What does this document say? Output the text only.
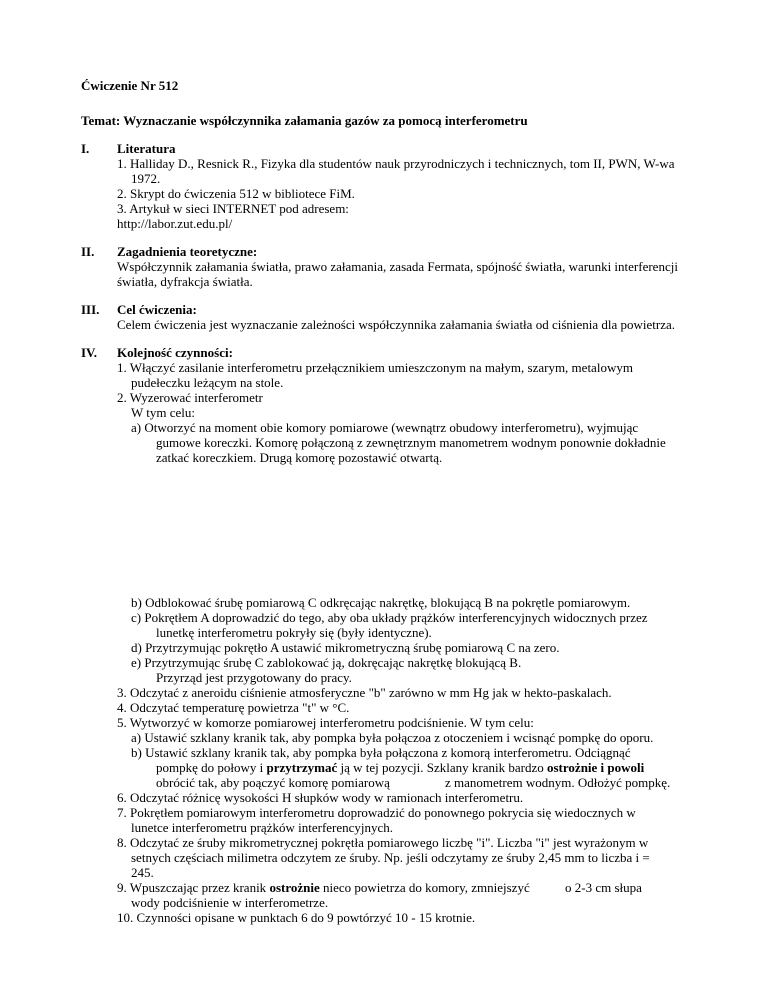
Ćwiczenie Nr 512
Temat: Wyznaczanie współczynnika załamania gazów za pomocą interferometru
I. Literatura
1. Halliday D., Resnick R., Fizyka dla studentów nauk przyrodniczych i technicznych, tom II, PWN, W-wa
1972.
2. Skrypt do ćwiczenia 512 w bibliotece FiM.
3. Artykuł w sieci INTERNET pod adresem:
http://labor.zut.edu.pl/
II. Zagadnienia teoretyczne:
Współczynnik załamania światła, prawo załamania, zasada Fermata, spójność światła, warunki interferencji
światła, dyfrakcja światła.
III. Cel ćwiczenia:
Celem ćwiczenia jest wyznaczanie zależności współczynnika załamania światła od ciśnienia dla powietrza.
IV. Kolejność czynności:
1. Włączyć zasilanie interferometru przełącznikiem umieszczonym na małym, szarym, metalowym
pudełeczku leżącym na stole.
2. Wyzerować interferometr
W tym celu:
a) Otworzyć na moment obie komory pomiarowe (wewnątrz obudowy interferometru), wyjmując
gumowe koreczki. Komorę połączoną z zewnętrznym manometrem wodnym ponownie dokładnie
zatkać koreczkiem. Drugą komorę pozostawić otwartą.
b) Odblokować śrubę pomiarową C odkręcając nakrętkę, blokującą B na pokrętle pomiarowym.
c) Pokrętłem A doprowadzić do tego, aby oba układy prążków interferencyjnych widocznych przez
lunetkę interferometru pokryły się (były identyczne).
d) Przytrzymując pokrętło A ustawić mikrometryczną śrubę pomiarową C na zero.
e) Przytrzymując śrubę C zablokować ją, dokręcając nakrętkę blokującą B.
Przyrząd jest przygotowany do pracy.
3. Odczytać z aneroidu ciśnienie atmosferyczne "b" zarówno w mm Hg jak w hekto-paskalach.
4. Odczytać temperaturę powietrza "t" w °C.
5. Wytworzyć w komorze pomiarowej interferometru podciśnienie. W tym celu:
a) Ustawić szklany kranik tak, aby pompka była połączoa z otoczeniem i wcisnąć pompkę do oporu.
b) Ustawić szklany kranik tak, aby pompka była połączona z komorą interferometru. Odciągnąć
pompkę do połowy i przytrzymać ją w tej pozycji. Szklany kranik bardzo ostrożnie i powoli
obrócić tak, aby poączyć komorę pomiarową	z manometrem wodnym. Odłożyć pompkę.
6. Odczytać różnicę wysokości H słupków wody w ramionach interferometru.
7. Pokrętłem pomiarowym interferometru doprowadzić do ponownego pokrycia się wiedocznych w
lunetce interferometru prążków interferencyjnych.
8. Odczytać ze śruby mikrometrycznej pokrętła pomiarowego liczbę "i". Liczba "i" jest wyrażonym w
setnych częściach milimetra odczytem ze śruby. Np. jeśli odczytamy ze śruby 2,45 mm to liczba i =
245.
9. Wpuszczając przez kranik ostrożnie nieco powietrza do komory, zmniejszyć	o 2-3 cm słupa
wody podciśnienie w interferometrze.
10. Czynności opisane w punktach 6 do 9 powtórzyć 10 - 15 krotnie.
